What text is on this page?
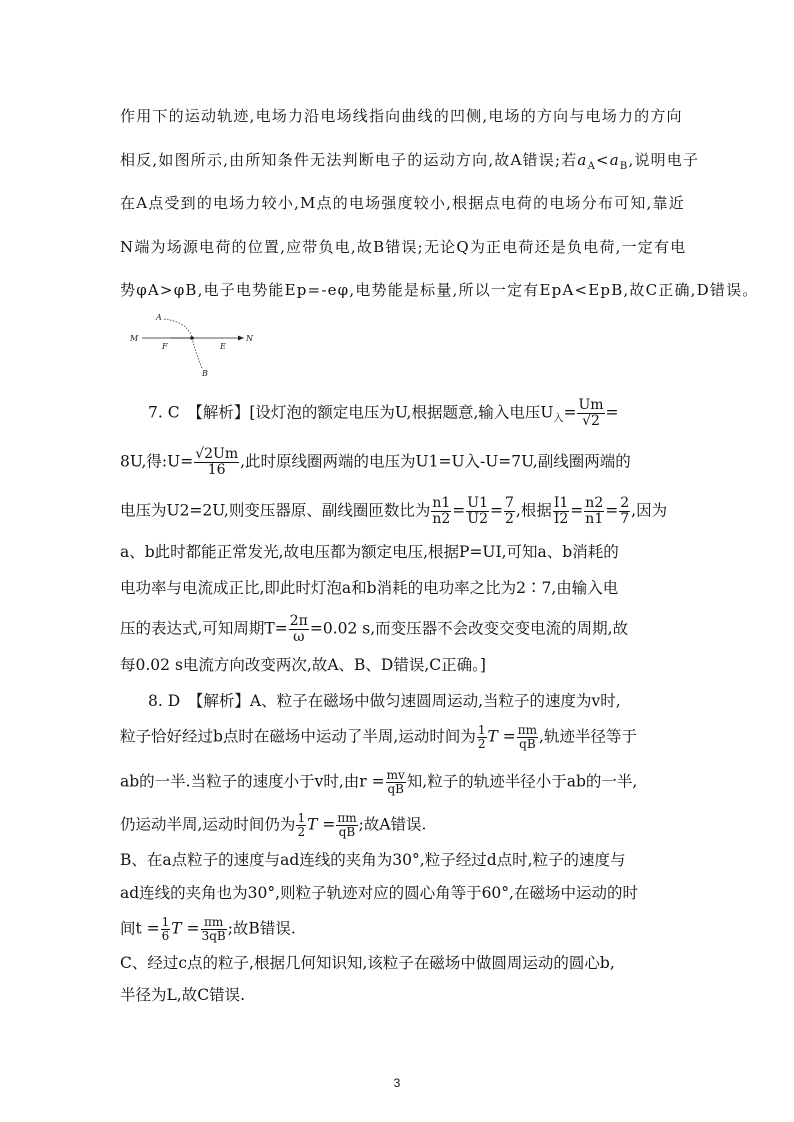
作用下的运动轨迹,电场力沿电场线指向曲线的凹侧,电场的方向与电场力的方向
相反,如图所示,由所知条件无法判断电子的运动方向,故A错误;若$a_A<a_B$,说明电子
在A点受到的电场力较小,M点的电场强度较小,根据点电荷的电场分布可知,靠近
N端为场源电荷的位置,应带负电,故B错误;无论Q为正电荷还是负电荷,一定有电
势φA>φB,电子电势能Ep=-eφ,电势能是标量,所以一定有EpA<EpB,故C正确,D错误。
M	N
A
B
F	E
7. C　【解析】[设灯泡的额定电压为U,根据题意,输入电压$U_入= \frac{Um}{√2}$ =
8U,得:U= $\frac{√2Um}{16}$ ,此时原线圈两端的电压为U1=U入-U=7U,副线圈两端的
电压为U2=2U,则变压器原、副线圈匝数比为 $\frac{n1}{n2} = \frac{U1}{U2} = \frac{7}{2}$ ,根据 $\frac{I1}{I2} = \frac{n2}{n1} = \frac{2}{7}$ ,因为
a、b此时都能正常发光,故电压都为额定电压,根据P=UI,可知a、b消耗的
电功率与电流成正比,即此时灯泡a和b消耗的电功率之比为2∶7,由输入电
压的表达式,可知周期$T= \frac{2\pi}{\omega} =0.02$ s,而变压器不会改变交变电流的周期,故
每0.02 s电流方向改变两次,故A、B、D错误,C正确。]
8. D　【解析】A、粒子在磁场中做匀速圆周运动,当粒子的速度为v时,
粒子恰好经过b点时在磁场中运动了半周,运动时间为 $\frac{1}{2}$ $T = \frac{\pi m}{qB}$ ,轨迹半径等于
ab的一半.当粒子的速度小于v时,由$r = \frac{mv}{qB}$ 知,粒子的轨迹半径小于ab的一半,
仍运动半周,运动时间仍为 $\frac{1}{2}$ $T = \frac{\pi m}{qB}$ ;故A错误.
B、在a点粒子的速度与ad连线的夹角为30°,粒子经过d点时,粒子的速度与
ad连线的夹角也为30°,则粒子轨迹对应的圆心角等于60°,在磁场中运动的时
间$t = \frac{1}{6}$ $T = \frac{\pi m}{3qB}$ ;故B错误.
C、经过c点的粒子,根据几何知识知,该粒子在磁场中做圆周运动的圆心b,
半径为L,故C错误.
3
